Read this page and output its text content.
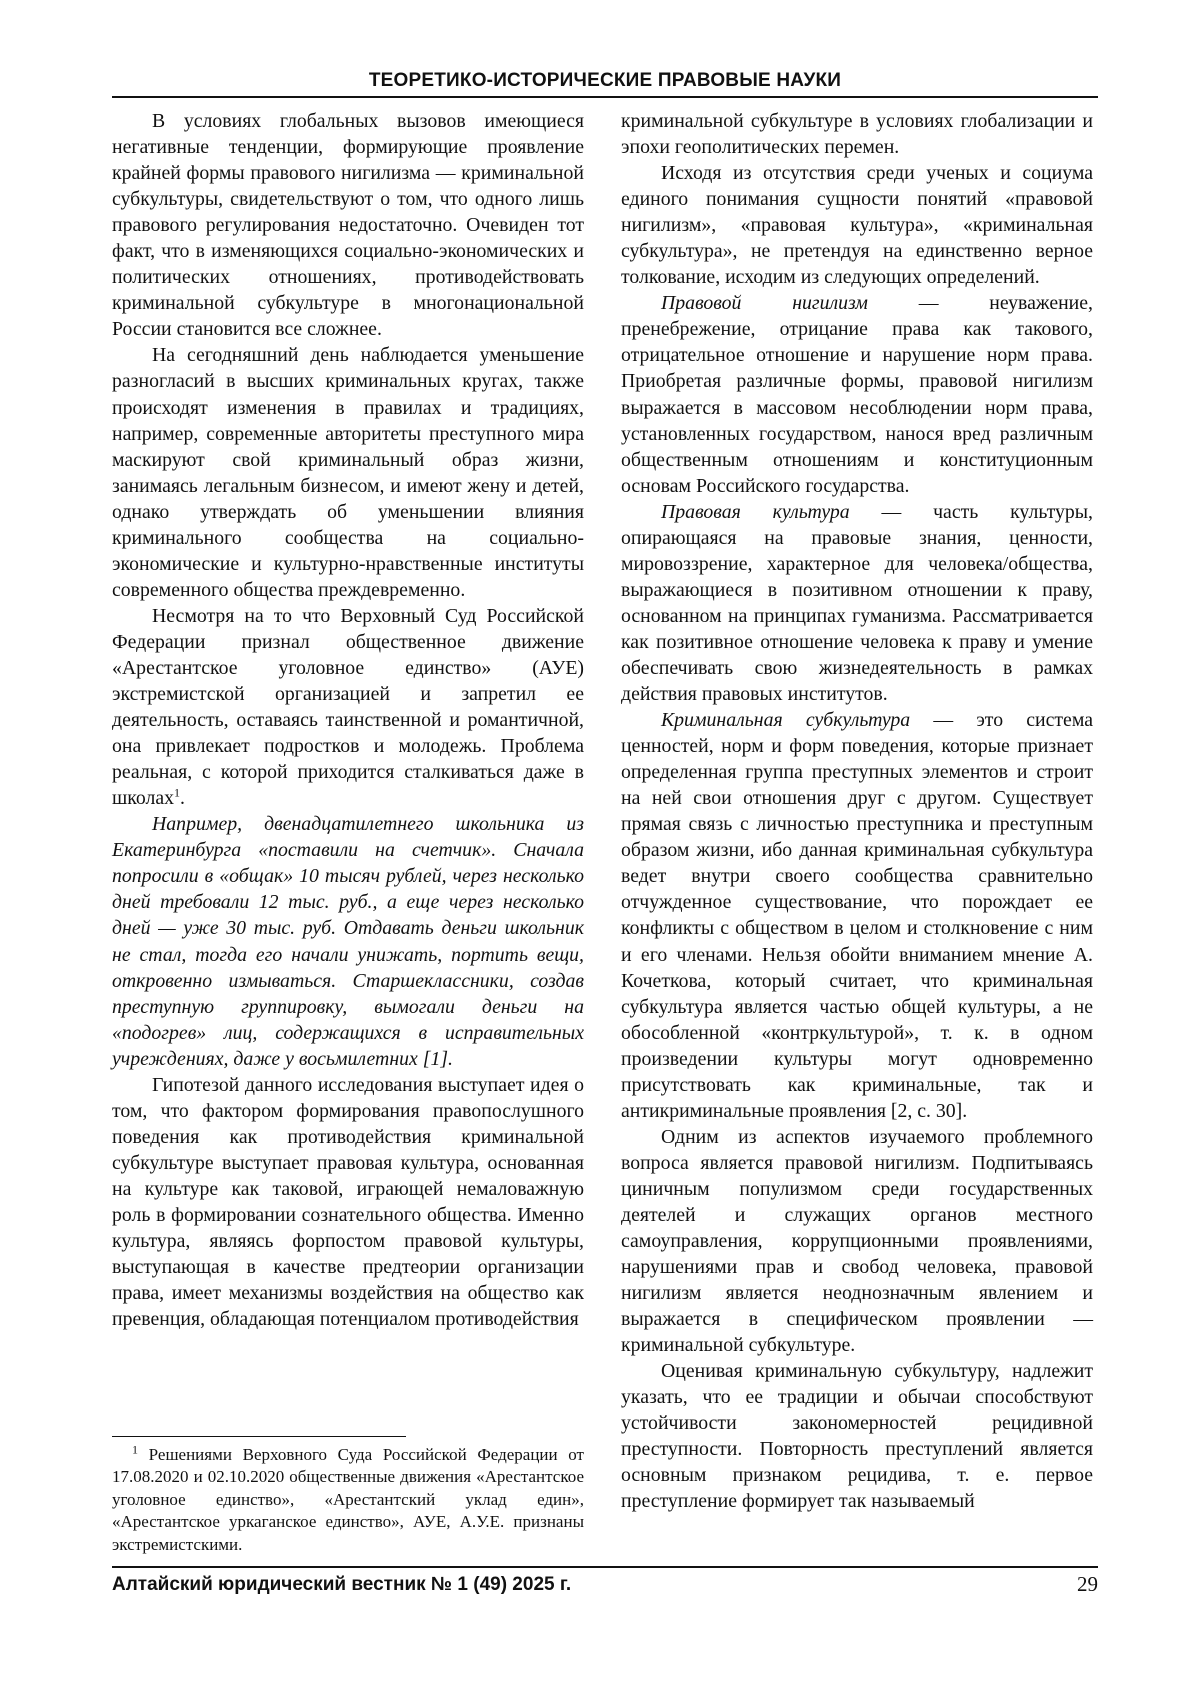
ТЕОРЕТИКО-ИСТОРИЧЕСКИЕ ПРАВОВЫЕ НАУКИ

В условиях глобальных вызовов имеющиеся негативные тенденции, формирующие проявление крайней формы правового нигилизма — криминальной субкультуры, свидетельствуют о том, что одного лишь правового регулирования недостаточно. Очевиден тот факт, что в изменяющихся социально-экономических и политических отношениях, противодействовать криминальной субкультуре в многонациональной России становится все сложнее.

На сегодняшний день наблюдается уменьшение разногласий в высших криминальных кругах, также происходят изменения в правилах и традициях, например, современные авторитеты преступного мира маскируют свой криминальный образ жизни, занимаясь легальным бизнесом, и имеют жену и детей, однако утверждать об уменьшении влияния криминального сообщества на социально-экономические и культурно-нравственные институты современного общества преждевременно.

Несмотря на то что Верховный Суд Российской Федерации признал общественное движение «Арестантское уголовное единство» (АУЕ) экстремистской организацией и запретил ее деятельность, оставаясь таинственной и романтичной, она привлекает подростков и молодежь. Проблема реальная, с которой приходится сталкиваться даже в школах$^1$.

Например, двенадцатилетнего школьника из Екатеринбурга «поставили на счетчик». Сначала попросили в «общак» 10 тысяч рублей, через несколько дней требовали 12 тыс. руб., а еще через несколько дней — уже 30 тыс. руб. Отдавать деньги школьник не стал, тогда его начали унижать, портить вещи, откровенно измываться. Старшеклассники, создав преступную группировку, вымогали деньги на «подогрев» лиц, содержащихся в исправительных учреждениях, даже у восьмилетних [1].

Гипотезой данного исследования выступает идея о том, что фактором формирования правопослушного поведения как противодействия криминальной субкультуре выступает правовая культура, основанная на культуре как таковой, играющей немаловажную роль в формировании сознательного общества. Именно культура, являясь форпостом правовой культуры, выступающая в качестве предтеории организации права, имеет механизмы воздействия на общество как превенция, обладающая потенциалом противодействия

$^1$ Решениями Верховного Суда Российской Федерации от 17.08.2020 и 02.10.2020 общественные движения «Арестантское уголовное единство», «Арестантский уклад един», «Арестантское уркаганское единство», АУЕ, А.У.Е. признаны экстремистскими.

криминальной субкультуре в условиях глобализации и эпохи геополитических перемен.

Исходя из отсутствия среди ученых и социума единого понимания сущности понятий «правовой нигилизм», «правовая культура», «криминальная субкультура», не претендуя на единственно верное толкование, исходим из следующих определений.

Правовой нигилизм — неуважение, пренебрежение, отрицание права как такового, отрицательное отношение и нарушение норм права. Приобретая различные формы, правовой нигилизм выражается в массовом несоблюдении норм права, установленных государством, нанося вред различным общественным отношениям и конституционным основам Российского государства.

Правовая культура — часть культуры, опирающаяся на правовые знания, ценности, мировоззрение, характерное для человека/общества, выражающиеся в позитивном отношении к праву, основанном на принципах гуманизма. Рассматривается как позитивное отношение человека к праву и умение обеспечивать свою жизнедеятельность в рамках действия правовых институтов.

Криминальная субкультура — это система ценностей, норм и форм поведения, которые признает определенная группа преступных элементов и строит на ней свои отношения друг с другом. Существует прямая связь с личностью преступника и преступным образом жизни, ибо данная криминальная субкультура ведет внутри своего сообщества сравнительно отчужденное существование, что порождает ее конфликты с обществом в целом и столкновение с ним и его членами. Нельзя обойти вниманием мнение А. Кочеткова, который считает, что криминальная субкультура является частью общей культуры, а не обособленной «контркультурой», т. к. в одном произведении культуры могут одновременно присутствовать как криминальные, так и антикриминальные проявления [2, с. 30].

Одним из аспектов изучаемого проблемного вопроса является правовой нигилизм. Подпитываясь циничным популизмом среди государственных деятелей и служащих органов местного самоуправления, коррупционными проявлениями, нарушениями прав и свобод человека, правовой нигилизм является неоднозначным явлением и выражается в специфическом проявлении — криминальной субкультуре.

Оценивая криминальную субкультуру, надлежит указать, что ее традиции и обычаи способствуют устойчивости закономерностей рецидивной преступности. Повторность преступлений является основным признаком рецидива, т. е. первое преступление формирует так называемый

Алтайский юридический вестник № 1 (49) 2025 г.	29
